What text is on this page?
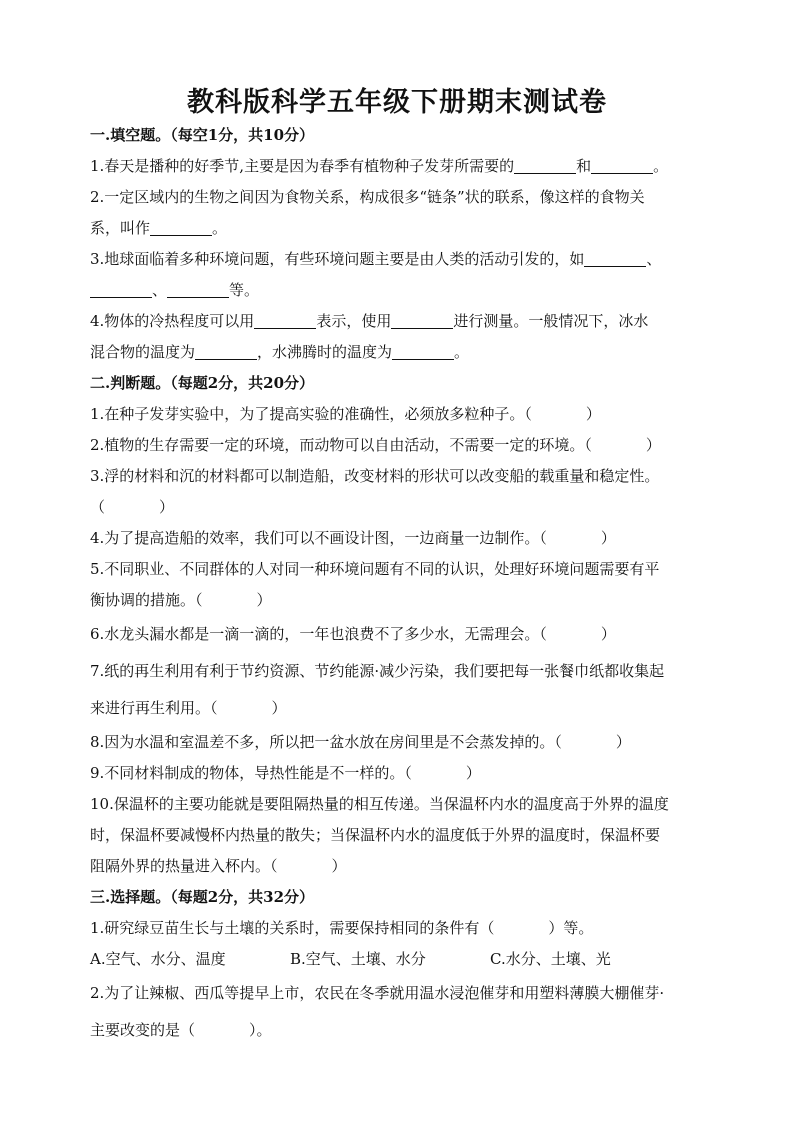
教科版科学五年级下册期末测试卷
一.填空题。（每空1分，共10分）
1.春天是播种的好季节,主要是因为春季有植物种子发芽所需要的	和	。
2.一定区域内的生物之间因为食物关系，构成很多“链条”状的联系，像这样的食物关
系，叫作	。
3.地球面临着多种环境问题，有些环境问题主要是由人类的活动引发的，如	、
、	等。
4.物体的冷热程度可以用	表示，使用	进行测量。一般情况下，冰水
混合物的温度为	，水沸腾时的温度为	。
二.判断题。（每题2分，共20分）
1.在种子发芽实验中，为了提高实验的准确性，必须放多粒种子。（	）
2.植物的生存需要一定的环境，而动物可以自由活动，不需要一定的环境。（	）
3.浮的材料和沉的材料都可以制造船，改变材料的形状可以改变船的载重量和稳定性。
（	）
4.为了提高造船的效率，我们可以不画设计图，一边商量一边制作。（	）
5.不同职业、不同群体的人对同一种环境问题有不同的认识，处理好环境问题需要有平
衡协调的措施。（	）
6.水龙头漏水都是一滴一滴的，一年也浪费不了多少水，无需理会。（	）
7.纸的再生利用有利于节约资源、节约能源·减少污染，我们要把每一张餐巾纸都收集起
来进行再生利用。（	）
8.因为水温和室温差不多，所以把一盆水放在房间里是不会蒸发掉的。（	）
9.不同材料制成的物体，导热性能是不一样的。（	）
10.保温杯的主要功能就是要阻隔热量的相互传递。当保温杯内水的温度高于外界的温度
时，保温杯要减慢杯内热量的散失；当保温杯内水的温度低于外界的温度时，保温杯要
阻隔外界的热量进入杯内。（	）
三.选择题。（每题2分，共32分）
1.研究绿豆苗生长与土壤的关系时，需要保持相同的条件有（	）等。
A.空气、水分、温度	B.空气、土壤、水分	C.水分、土壤、光
2.为了让辣椒、西瓜等提早上市，农民在冬季就用温水浸泡催芽和用塑料薄膜大棚催芽·
主要改变的是（	）。
